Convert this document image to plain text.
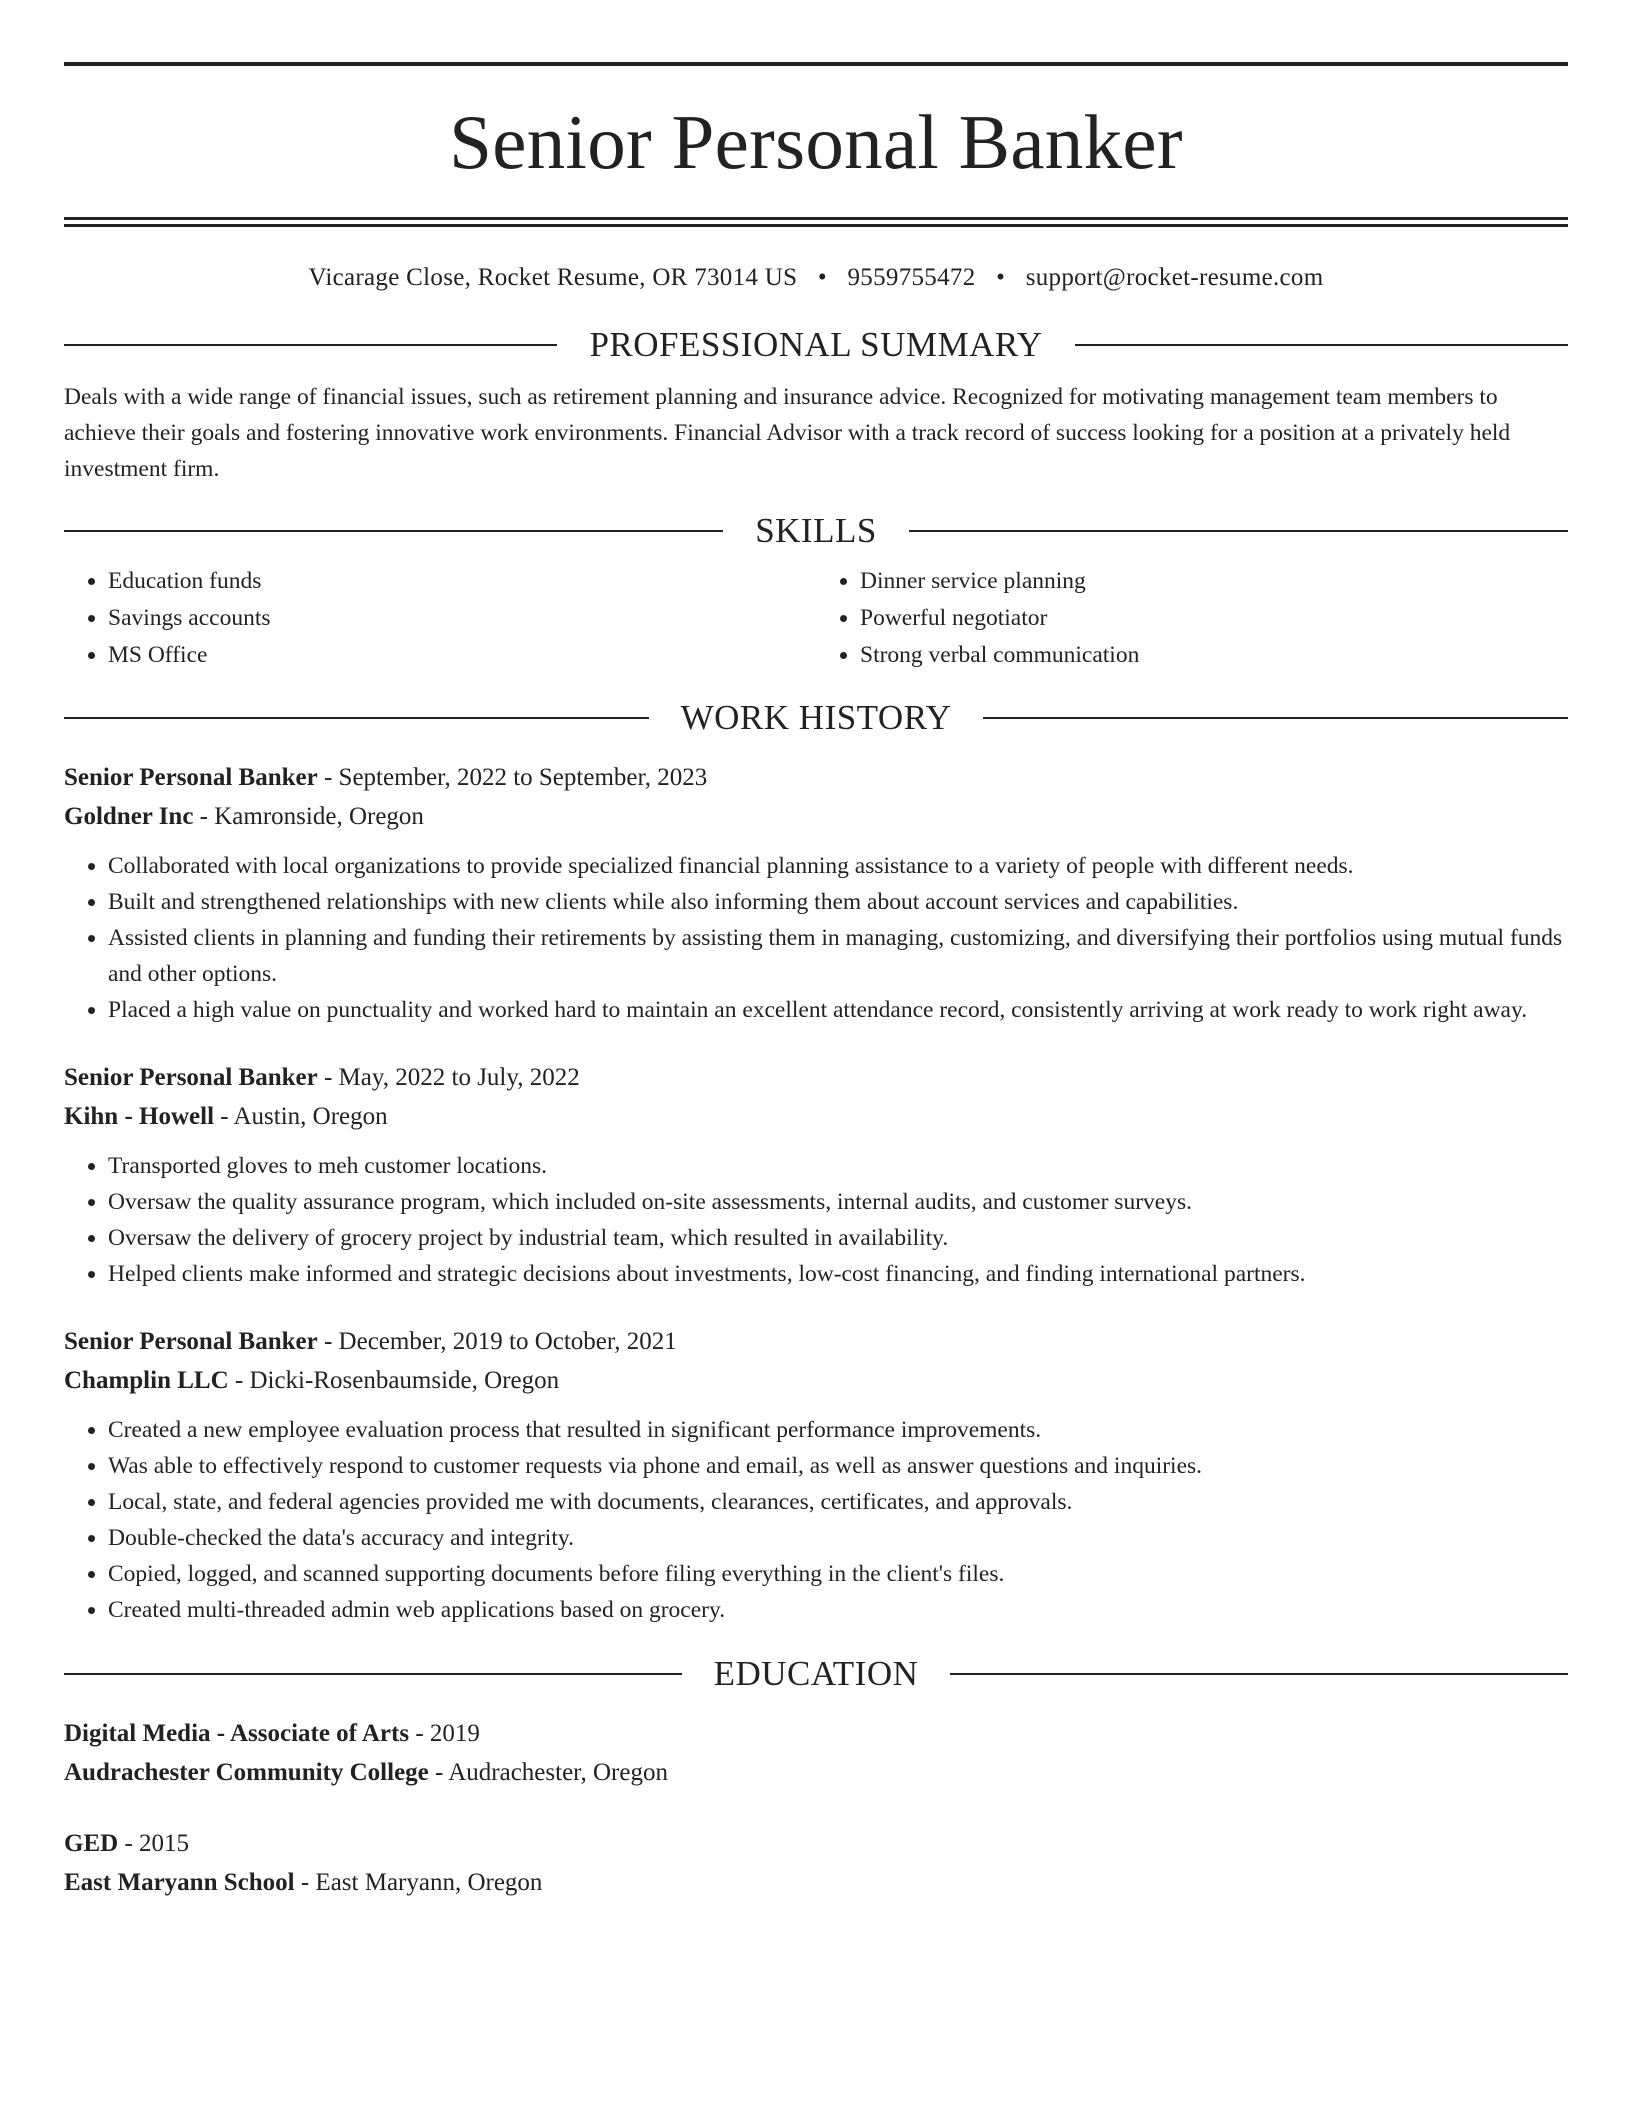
Senior Personal Banker
Vicarage Close, Rocket Resume, OR 73014 US • 9559755472 • support@rocket-resume.com
PROFESSIONAL SUMMARY
Deals with a wide range of financial issues, such as retirement planning and insurance advice. Recognized for motivating management team members to achieve their goals and fostering innovative work environments. Financial Advisor with a track record of success looking for a position at a privately held investment firm.
SKILLS
• Education funds
• Savings accounts
• MS Office
• Dinner service planning
• Powerful negotiator
• Strong verbal communication
WORK HISTORY
Senior Personal Banker - September, 2022 to September, 2023
Goldner Inc - Kamronside, Oregon
• Collaborated with local organizations to provide specialized financial planning assistance to a variety of people with different needs.
• Built and strengthened relationships with new clients while also informing them about account services and capabilities.
• Assisted clients in planning and funding their retirements by assisting them in managing, customizing, and diversifying their portfolios using mutual funds and other options.
• Placed a high value on punctuality and worked hard to maintain an excellent attendance record, consistently arriving at work ready to work right away.
Senior Personal Banker - May, 2022 to July, 2022
Kihn - Howell - Austin, Oregon
• Transported gloves to meh customer locations.
• Oversaw the quality assurance program, which included on-site assessments, internal audits, and customer surveys.
• Oversaw the delivery of grocery project by industrial team, which resulted in availability.
• Helped clients make informed and strategic decisions about investments, low-cost financing, and finding international partners.
Senior Personal Banker - December, 2019 to October, 2021
Champlin LLC - Dicki-Rosenbaumside, Oregon
• Created a new employee evaluation process that resulted in significant performance improvements.
• Was able to effectively respond to customer requests via phone and email, as well as answer questions and inquiries.
• Local, state, and federal agencies provided me with documents, clearances, certificates, and approvals.
• Double-checked the data's accuracy and integrity.
• Copied, logged, and scanned supporting documents before filing everything in the client's files.
• Created multi-threaded admin web applications based on grocery.
EDUCATION
Digital Media - Associate of Arts - 2019
Audrachester Community College - Audrachester, Oregon
GED - 2015
East Maryann School - East Maryann, Oregon
